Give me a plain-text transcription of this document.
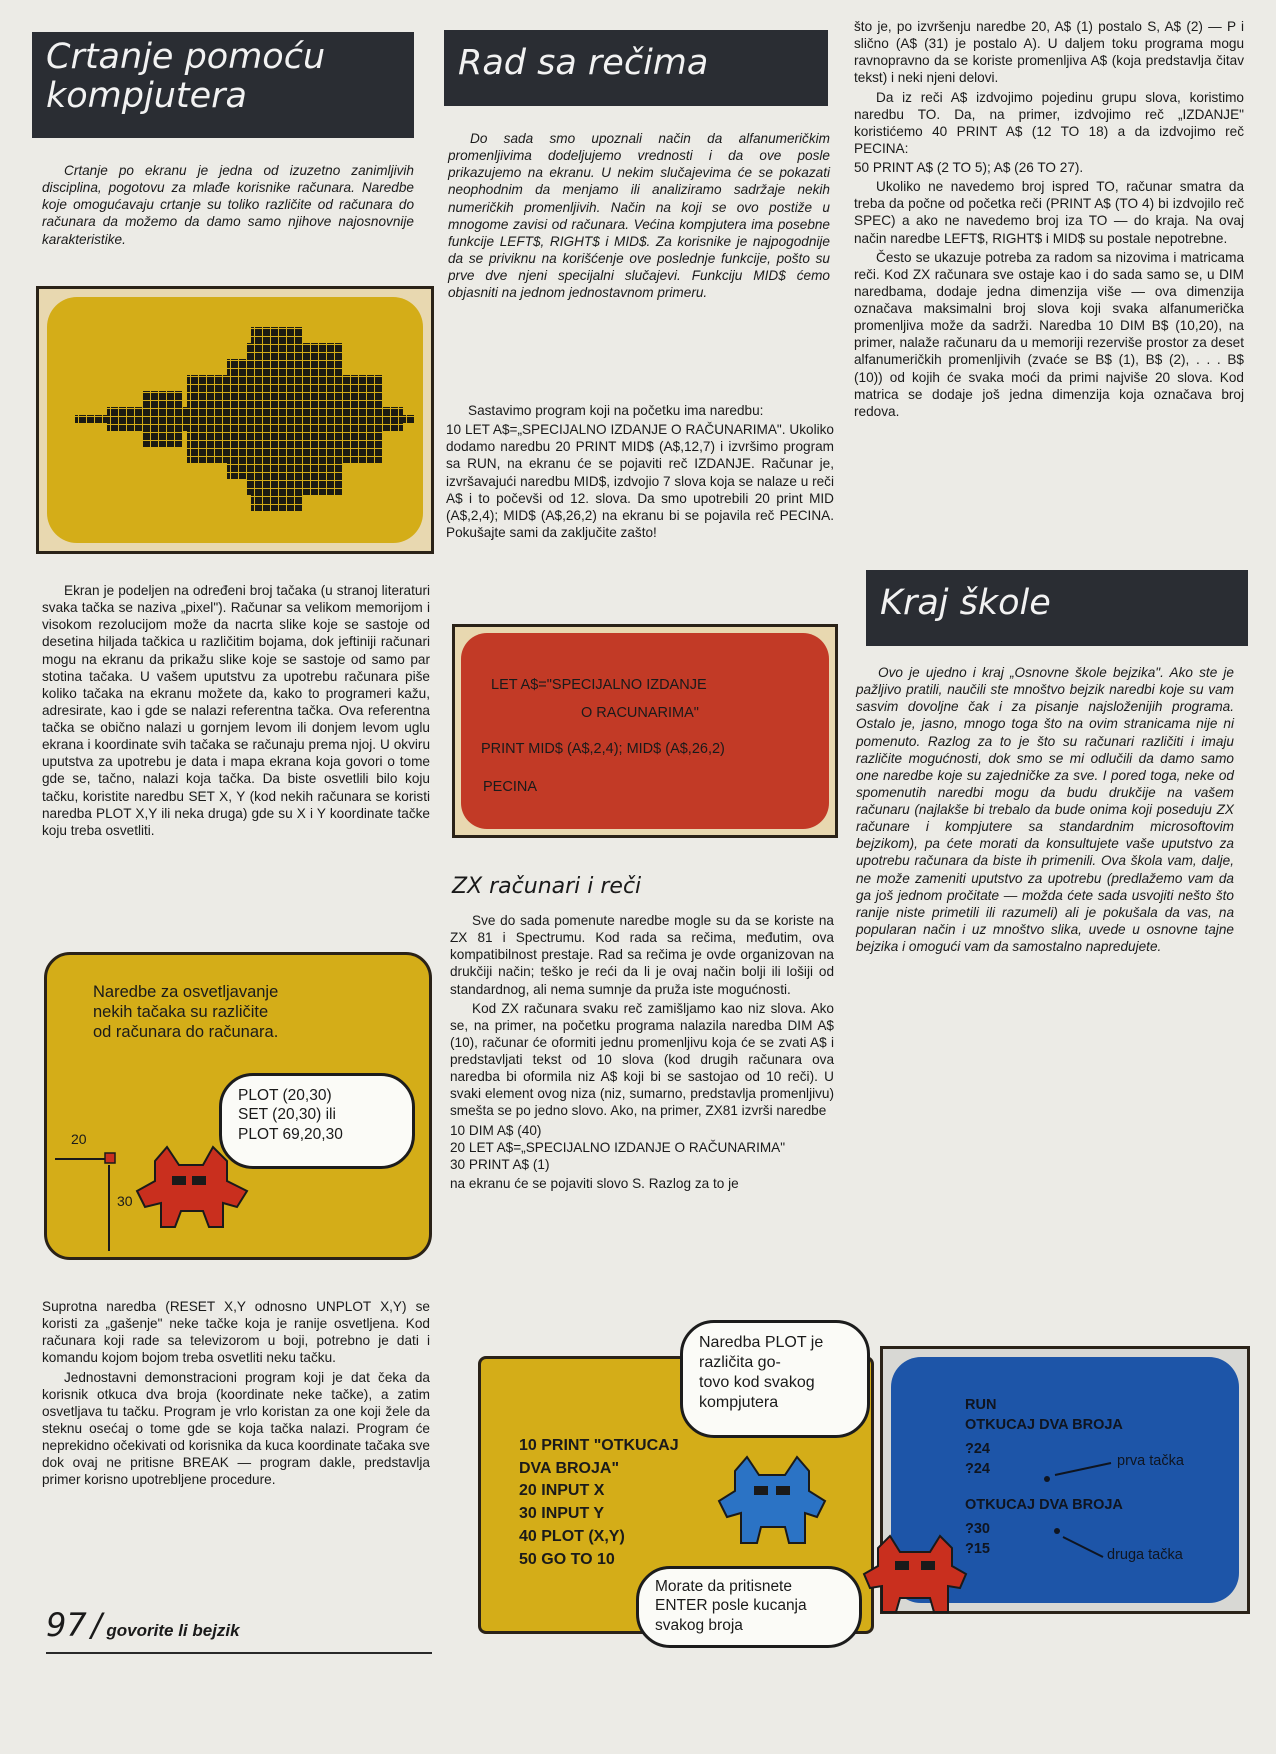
Crtanje pomoću kompjutera

Crtanje po ekranu je jedna od izuzetno zanimljivih disciplina, pogotovu za mlađe korisnike računara. Naredbe koje omogućavaju crtanje su toliko različite od računara do računara da možemo da damo samo njihove najosnovnije karakteristike.

Ekran je podeljen na određeni broj tačaka (u stranoj literaturi svaka tačka se naziva „pixel"). Računar sa velikom memorijom i visokom rezolucijom može da nacrta slike koje se sastoje od desetina hiljada tačkica u različitim bojama, dok jeftiniji računari mogu na ekranu da prikažu slike koje se sastoje od samo par stotina tačaka. U vašem uputstvu za upotrebu računara piše koliko tačaka na ekranu možete da, kako to programeri kažu, adresirate, kao i gde se nalazi referentna tačka. Ova referentna tačka se obično nalazi u gornjem levom ili donjem levom uglu ekrana i koordinate svih tačaka se računaju prema njoj. U okviru uputstva za upotrebu je data i mapa ekrana koja govori o tome gde se, tačno, nalazi koja tačka. Da biste osvetlili bilo koju tačku, koristite naredbu SET X, Y (kod nekih računara se koristi naredba PLOT X,Y ili neka druga) gde su X i Y koordinate tačke koju treba osvetliti.

Naredbe za osvetljavanje
nekih tačaka su različite
od računara do računara.
PLOT (20,30)
SET (20,30) ili
PLOT 69,20,30
20
30

Suprotna naredba (RESET X,Y odnosno UNPLOT X,Y) se koristi za „gašenje" neke tačke koja je ranije osvetljena. Kod računara koji rade sa televizorom u boji, potrebno je dati i komandu kojom bojom treba osvetliti neku tačku.

Jednostavni demonstracioni program koji je dat čeka da korisnik otkuca dva broja (koordinate neke tačke), a zatim osvetljava tu tačku. Program je vrlo koristan za one koji žele da steknu osećaj o tome gde se koja tačka nalazi. Program će neprekidno očekivati od korisnika da kuca koordinate tačaka sve dok ovaj ne pritisne BREAK — program dakle, predstavlja primer korisno upotrebljene procedure.

97 / govorite li bejzik
Rad sa rečima

Do sada smo upoznali način da alfanumeričkim promenljivima dodeljujemo vrednosti i da ove posle prikazujemo na ekranu. U nekim slučajevima će se pokazati neophodnim da menjamo ili analiziramo sadržaje nekih numeričkih promenljivih. Način na koji se ovo postiže u mnogome zavisi od računara. Većina kompjutera ima posebne funkcije LEFT$, RIGHT$ i MID$. Za korisnike je najpogodnije da se priviknu na korišćenje ove poslednje funkcije, pošto su prve dve njeni specijalni slučajevi. Funkciju MID$ ćemo objasniti na jednom jednostavnom primeru.

Sastavimo program koji na početku ima naredbu:

10 LET A$=„SPECIJALNO IZDANJE O RAČUNARIMA". Ukoliko dodamo naredbu 20 PRINT MID$ (A$,12,7) i izvršimo program sa RUN, na ekranu će se pojaviti reč IZDANJE. Računar je, izvršavajući naredbu MID$, izdvojio 7 slova koja se nalaze u reči A$ i to počevši od 12. slova. Da smo upotrebili 20 print MID (A$,2,4); MID$ (A$,26,2) na ekranu bi se pojavila reč PECINA. Pokušajte sami da zaključite zašto!

LET A$="SPECIJALNO IZDANJE
O RACUNARIMA"
PRINT MID$ (A$,2,4); MID$ (A$,26,2)
PECINA
ZX računari i reči

Sve do sada pomenute naredbe mogle su da se koriste na ZX 81 i Spectrumu. Kod rada sa rečima, međutim, ova kompatibilnost prestaje. Rad sa rečima je ovde organizovan na drukčiji način; teško je reći da li je ovaj način bolji ili lošiji od standardnog, ali nema sumnje da pruža iste mogućnosti.

Kod ZX računara svaku reč zamišljamo kao niz slova. Ako se, na primer, na početku programa nalazila naredba DIM A$ (10), računar će oformiti jednu promenljivu koja će se zvati A$ i predstavljati tekst od 10 slova (kod drugih računara ova naredba bi oformila niz A$ koji bi se sastojao od 10 reči). U svaki element ovog niza (niz, sumarno, predstavlja promenljivu) smešta se po jedno slovo. Ako, na primer, ZX81 izvrši naredbe

10 DIM A$ (40)
20 LET A$=„SPECIJALNO IZDANJE O RAČUNARIMA"
30 PRINT A$ (1)

na ekranu će se pojaviti slovo S. Razlog za to je

što je, po izvršenju naredbe 20, A$ (1) postalo S, A$ (2) — P i slično (A$ (31) je postalo A). U daljem toku programa mogu ravnopravno da se koriste promenljiva A$ (koja predstavlja čitav tekst) i neki njeni delovi.

Da iz reči A$ izdvojimo pojedinu grupu slova, koristimo naredbu TO. Da, na primer, izdvojimo reč „IZDANJE" koristićemo 40 PRINT A$ (12 TO 18) a da izdvojimo reč PECINA:

50 PRINT A$ (2 TO 5); A$ (26 TO 27).

Ukoliko ne navedemo broj ispred TO, računar smatra da treba da počne od početka reči (PRINT A$ (TO 4) bi izdvojilo reč SPEC) a ako ne navedemo broj iza TO — do kraja. Na ovaj način naredbe LEFT$, RIGHT$ i MID$ su postale nepotrebne.

Često se ukazuje potreba za radom sa nizovima i matricama reči. Kod ZX računara sve ostaje kao i do sada samo se, u DIM naredbama, dodaje jedna dimenzija više — ova dimenzija označava maksimalni broj slova koji svaka alfanumerička promenljiva može da sadrži. Naredba 10 DIM B$ (10,20), na primer, nalaže računaru da u memoriji rezerviše prostor za deset alfanumeričkih promenljivih (zvaće se B$ (1), B$ (2), . . . B$ (10)) od kojih će svaka moći da primi najviše 20 slova. Kod matrica se dodaje još jedna dimenzija koja označava broj redova.

Kraj škole

Ovo je ujedno i kraj „Osnovne škole bejzika". Ako ste je pažljivo pratili, naučili ste mnoštvo bejzik naredbi koje su vam sasvim dovoljne čak i za pisanje najsloženijih programa. Ostalo je, jasno, mnogo toga što na ovim stranicama nije ni pomenuto. Razlog za to je što su računari različiti i imaju različite mogućnosti, dok smo se mi odlučili da damo samo one naredbe koje su zajedničke za sve. I pored toga, neke od spomenutih naredbi mogu da budu drukčije na vašem računaru (najlakše bi trebalo da bude onima koji poseduju ZX računare i kompjutere sa standardnim microsoftovim bejzikom), pa ćete morati da konsultujete vaše uputstvo za upotrebu računara da biste ih primenili. Ova škola vam, dalje, ne može zameniti uputstvo za upotrebu (predlažemo vam da ga još jednom pročitate — možda ćete sada usvojiti nešto što ranije niste primetili ili razumeli) ali je pokušala da vas, na popularan način i uz mnoštvo slika, uvede u osnovne tajne bejzika i omogući vam da samostalno napredujete.

10 PRINT "OTKUCAJ
DVA BROJA"
20 INPUT X
30 INPUT Y
40 PLOT (X,Y)
50 GO TO 10
Naredba PLOT je
različita go-
tovo kod svakog
kompjutera
Morate da pritisnete
ENTER posle kucanja
svakog broja
RUN
OTKUCAJ DVA BROJA
?24
?24	prva tačka
OTKUCAJ DVA BROJA
?30
?15	druga tačka
